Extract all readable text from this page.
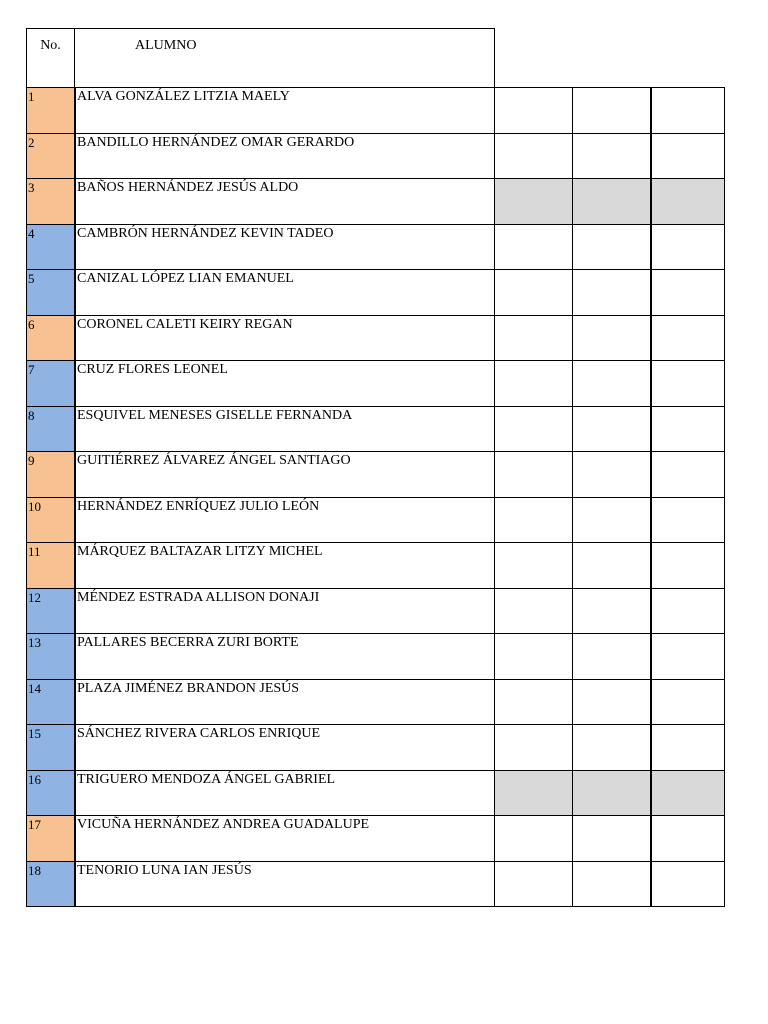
No.	ALUMNO
1	ALVA GONZÁLEZ LITZIA MAELY
2	BANDILLO HERNÁNDEZ OMAR GERARDO
3	BAÑOS HERNÁNDEZ JESÚS ALDO
4	CAMBRÓN HERNÁNDEZ KEVIN TADEO
5	CANIZAL LÓPEZ LIAN EMANUEL
6	CORONEL CALETI KEIRY REGAN
7	CRUZ FLORES LEONEL
8	ESQUIVEL MENESES GISELLE FERNANDA
9	GUITIÉRREZ ÁLVAREZ ÁNGEL SANTIAGO
10	HERNÁNDEZ ENRÍQUEZ JULIO LEÓN
11	MÁRQUEZ BALTAZAR LITZY MICHEL
12	MÉNDEZ ESTRADA ALLISON DONAJI
13	PALLARES BECERRA ZURI BORTE
14	PLAZA JIMÉNEZ BRANDON JESÚS
15	SÁNCHEZ RIVERA CARLOS ENRIQUE
16	TRIGUERO MENDOZA ÁNGEL GABRIEL
17	VICUÑA HERNÁNDEZ ANDREA GUADALUPE
18	TENORIO LUNA IAN JESÚS
